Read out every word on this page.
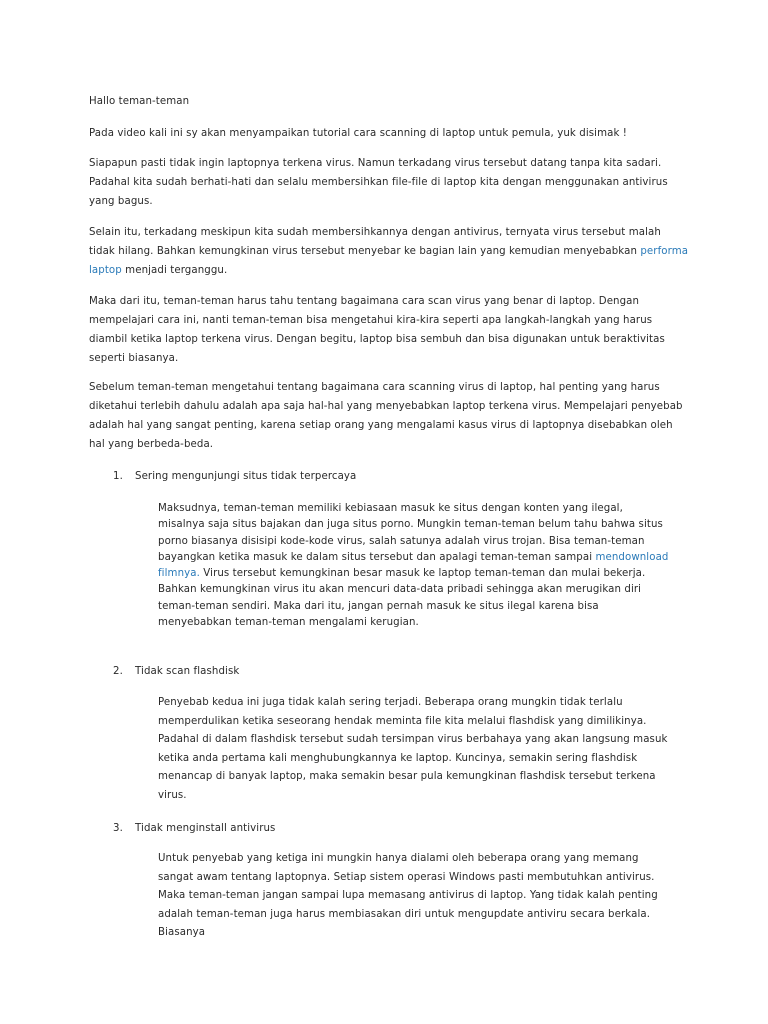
Hallo teman-teman

Pada video kali ini sy akan menyampaikan tutorial cara scanning di laptop untuk pemula, yuk disimak !

Siapapun pasti tidak ingin laptopnya terkena virus. Namun terkadang virus tersebut datang tanpa kita sadari. Padahal kita sudah berhati-hati dan selalu membersihkan file-file di laptop kita dengan menggunakan antivirus yang bagus.

Selain itu, terkadang meskipun kita sudah membersihkannya dengan antivirus, ternyata virus tersebut malah tidak hilang. Bahkan kemungkinan virus tersebut menyebar ke bagian lain yang kemudian menyebabkan performa laptop menjadi terganggu.

Maka dari itu, teman-teman harus tahu tentang bagaimana cara scan virus yang benar di laptop. Dengan mempelajari cara ini, nanti teman-teman bisa mengetahui kira-kira seperti apa langkah-langkah yang harus diambil ketika laptop terkena virus. Dengan begitu, laptop bisa sembuh dan bisa digunakan untuk beraktivitas seperti biasanya.

Sebelum teman-teman mengetahui tentang bagaimana cara scanning virus di laptop, hal penting yang harus diketahui terlebih dahulu adalah apa saja hal-hal yang menyebabkan laptop terkena virus. Mempelajari penyebab adalah hal yang sangat penting, karena setiap orang yang mengalami kasus virus di laptopnya disebabkan oleh hal yang berbeda-beda.

1. Sering mengunjungi situs tidak terpercaya

Maksudnya, teman-teman memiliki kebiasaan masuk ke situs dengan konten yang ilegal, misalnya saja situs bajakan dan juga situs porno. Mungkin teman-teman belum tahu bahwa situs porno biasanya disisipi kode-kode virus, salah satunya adalah virus trojan. Bisa teman-teman bayangkan ketika masuk ke dalam situs tersebut dan apalagi teman-teman sampai mendownload filmnya. Virus tersebut kemungkinan besar masuk ke laptop teman-teman dan mulai bekerja. Bahkan kemungkinan virus itu akan mencuri data-data pribadi sehingga akan merugikan diri teman-teman sendiri. Maka dari itu, jangan pernah masuk ke situs ilegal karena bisa menyebabkan teman-teman mengalami kerugian.

2. Tidak scan flashdisk

Penyebab kedua ini juga tidak kalah sering terjadi. Beberapa orang mungkin tidak terlalu memperdulikan ketika seseorang hendak meminta file kita melalui flashdisk yang dimilikinya. Padahal di dalam flashdisk tersebut sudah tersimpan virus berbahaya yang akan langsung masuk ketika anda pertama kali menghubungkannya ke laptop. Kuncinya, semakin sering flashdisk menancap di banyak laptop, maka semakin besar pula kemungkinan flashdisk tersebut terkena virus.

3. Tidak menginstall antivirus

Untuk penyebab yang ketiga ini mungkin hanya dialami oleh beberapa orang yang memang sangat awam tentang laptopnya. Setiap sistem operasi Windows pasti membutuhkan antivirus. Maka teman-teman jangan sampai lupa memasang antivirus di laptop. Yang tidak kalah penting adalah teman-teman juga harus membiasakan diri untuk mengupdate antiviru secara berkala. Biasanya
